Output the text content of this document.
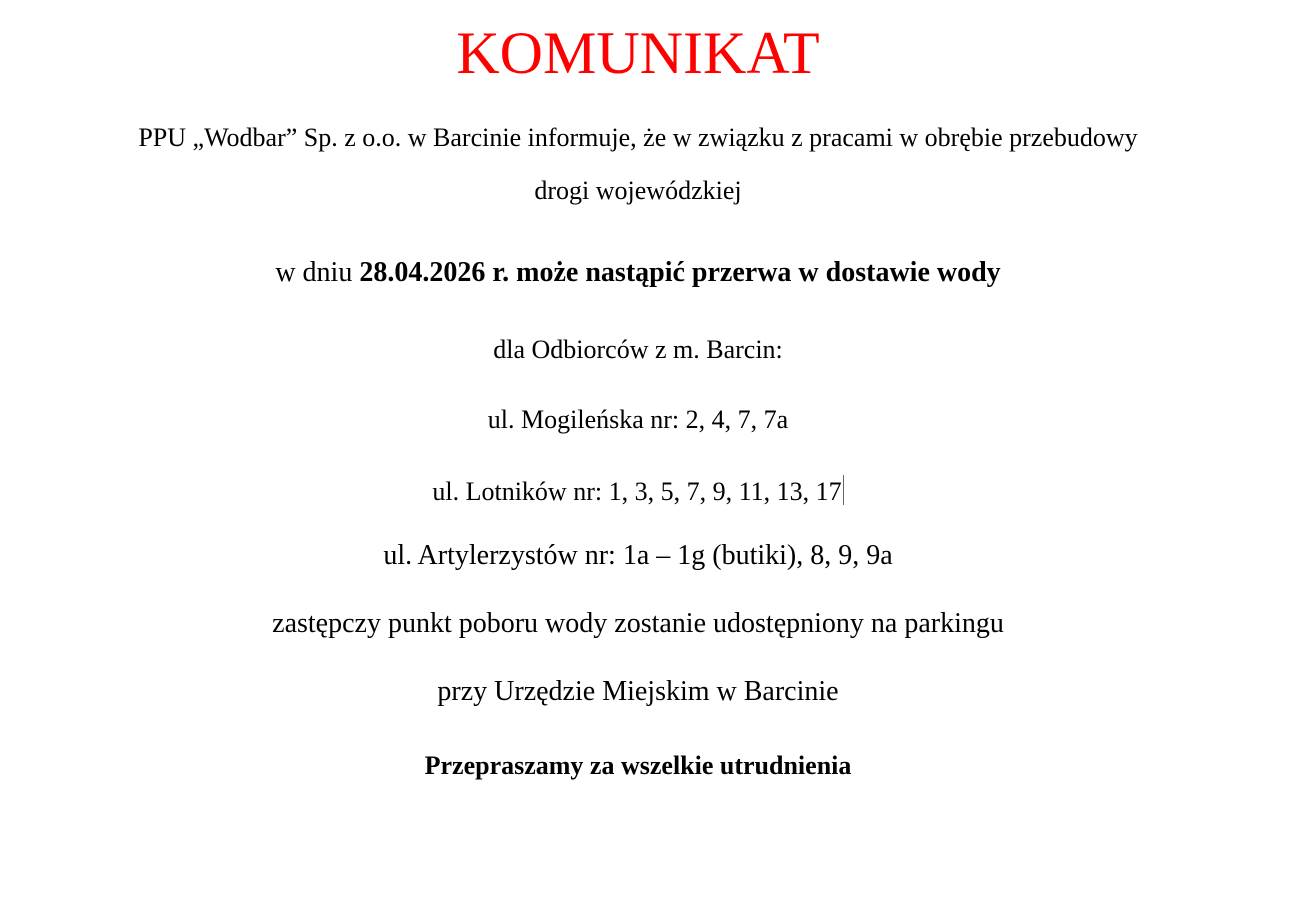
KOMUNIKAT
PPU „Wodbar” Sp. z o.o. w Barcinie informuje, że w związku z pracami w obrębie przebudowy
drogi wojewódzkiej
w dniu 28.04.2026 r. może nastąpić przerwa w dostawie wody
dla Odbiorców z m. Barcin:
ul. Mogileńska nr: 2, 4, 7, 7a
ul. Lotników nr: 1, 3, 5, 7, 9, 11, 13, 17
ul. Artylerzystów nr: 1a – 1g (butiki), 8, 9, 9a
zastępczy punkt poboru wody zostanie udostępniony na parkingu
przy Urzędzie Miejskim w Barcinie
Przepraszamy za wszelkie utrudnienia
